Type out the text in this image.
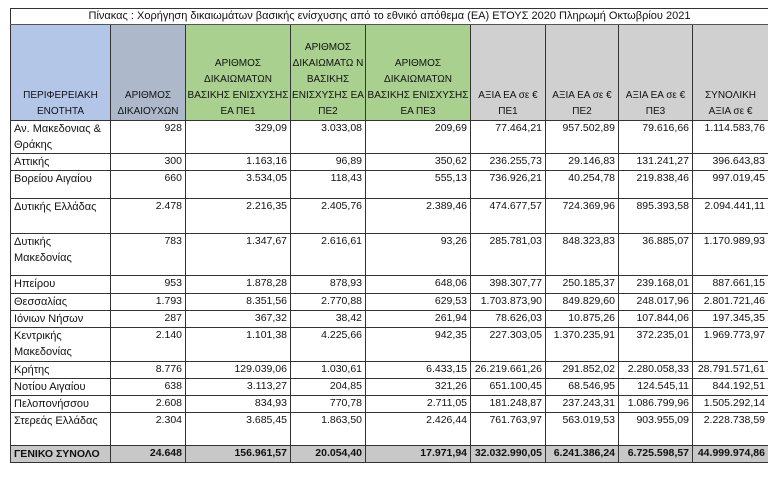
Πίνακας : Χορήγηση δικαιωμάτων βασικής ενίσχυσης από το εθνικό απόθεμα (ΕΑ) ΕΤΟΥΣ 2020 Πληρωμή Οκτωβρίου 2021								
ΠΕΡΙΦΕΡΕΙΑΚΗ ΕΝΟΤΗΤΑ	ΑΡΙΘΜΟΣ ΔΙΚΑΙΟΥΧΩΝ	ΑΡΙΘΜΟΣ ΔΙΚΑΙΩΜΑΤΩΝ ΒΑΣΙΚΗΣ ΕΝΙΣΧΥΣΗΣ ΕΑ ΠΕ1	ΑΡΙΘΜΟΣ ΔΙΚΑΙΩΜΑΤΩ Ν ΒΑΣΙΚΗΣ ΕΝΙΣΧΥΣΗΣ ΕΑ ΠΕ2	ΑΡΙΘΜΟΣ ΔΙΚΑΙΩΜΑΤΩΝ ΒΑΣΙΚΗΣ ΕΝΙΣΧΥΣΗΣ ΕΑ ΠΕ3	ΑΞΙΑ ΕΑ σε € ΠΕ1	ΑΞΙΑ ΕΑ σε € ΠΕ2	ΑΞΙΑ ΕΑ σε € ΠΕ3	ΣΥΝΟΛΙΚΗ ΑΞΙΑ σε €
Αν. Μακεδονιας & Θράκης	928	329,09	3.033,08	209,69	77.464,21	957.502,89	79.616,66	1.114.583,76
Αττικής	300	1.163,16	96,89	350,62	236.255,73	29.146,83	131.241,27	396.643,83
Βορείου Αιγαίου	660	3.534,05	118,43	555,13	736.926,21	40.254,78	219.838,46	997.019,45
Δυτικής Ελλάδας	2.478	2.216,35	2.405,76	2.389,46	474.677,57	724.369,96	895.393,58	2.094.441,11
Δυτικής Μακεδονίας	783	1.347,67	2.616,61	93,26	285.781,03	848.323,83	36.885,07	1.170.989,93
Ηπείρου	953	1.878,28	878,93	648,06	398.307,77	250.185,37	239.168,01	887.661,15
Θεσσαλίας	1.793	8.351,56	2.770,88	629,53	1.703.873,90	849.829,60	248.017,96	2.801.721,46
Ιόνιων Νήσων	287	367,32	38,42	261,94	78.626,03	10.875,26	107.844,06	197.345,35
Κεντρικής Μακεδονίας	2.140	1.101,38	4.225,66	942,35	227.303,05	1.370.235,91	372.235,01	1.969.773,97
Κρήτης	8.776	129.039,06	1.030,61	6.433,15	26.219.661,26	291.852,02	2.280.058,33	28.791.571,61
Νοτίου Αιγαίου	638	3.113,27	204,85	321,26	651.100,45	68.546,95	124.545,11	844.192,51
Πελοπονήσσου	2.608	834,93	770,78	2.711,05	181.248,87	237.243,31	1.086.799,96	1.505.292,14
Στερεάς Ελλάδας	2.304	3.685,45	1.863,50	2.426,44	761.763,97	563.019,53	903.955,09	2.228.738,59
ΓΕΝΙΚΟ ΣΥΝΟΛΟ	24.648	156.961,57	20.054,40	17.971,94	32.032.990,05	6.241.386,24	6.725.598,57	44.999.974,86
